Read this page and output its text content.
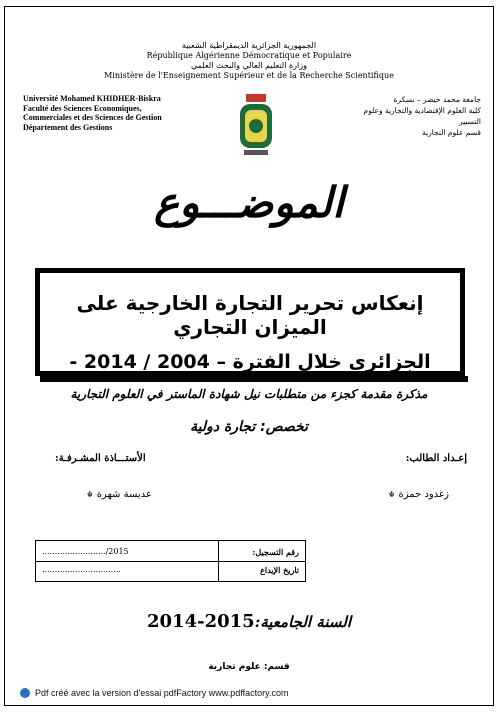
الجمهورية الجزائرية الديمقراطية الشعبية
République Algérienne Démocratique et Populaire
وزارة التعليم العالي والبحث العلمي
Ministère de l'Enseignement Supérieur et de la Recherche Scientifique
Université Mohamed KHIDHER-Biskra
Faculté des Sciences Economiques,
Commerciales et des Sciences de Gestion
Département des Gestions
جامعة محمد خيضر – بسكرة
كلية العلوم الإقتصادية والتجارية وعلوم التسيير
قسم علوم التجارية
الموضـــوع
إنعكاس تحرير التجارة الخارجية على الميزان التجاري
الجزائري خلال الفترة – 2004 / 2014 -
مذكرة مقدمة كجزء من متطلبات نيل شهادة الماستر في العلوم التجارية
تخصص: تجارة دولية
إعـداد الطالب:
الأستـــاذة المشـرفـة:
زغدود حمزة☬
عديسة شهرة☬
........................./2015	رقم التسجيل:
...............................	تاريخ الإيداع
السنة الجامعية:2015-2014
قسم: علوم تجارية
Pdf créé avec la version d'essai pdfFactory www.pdffactory.com
